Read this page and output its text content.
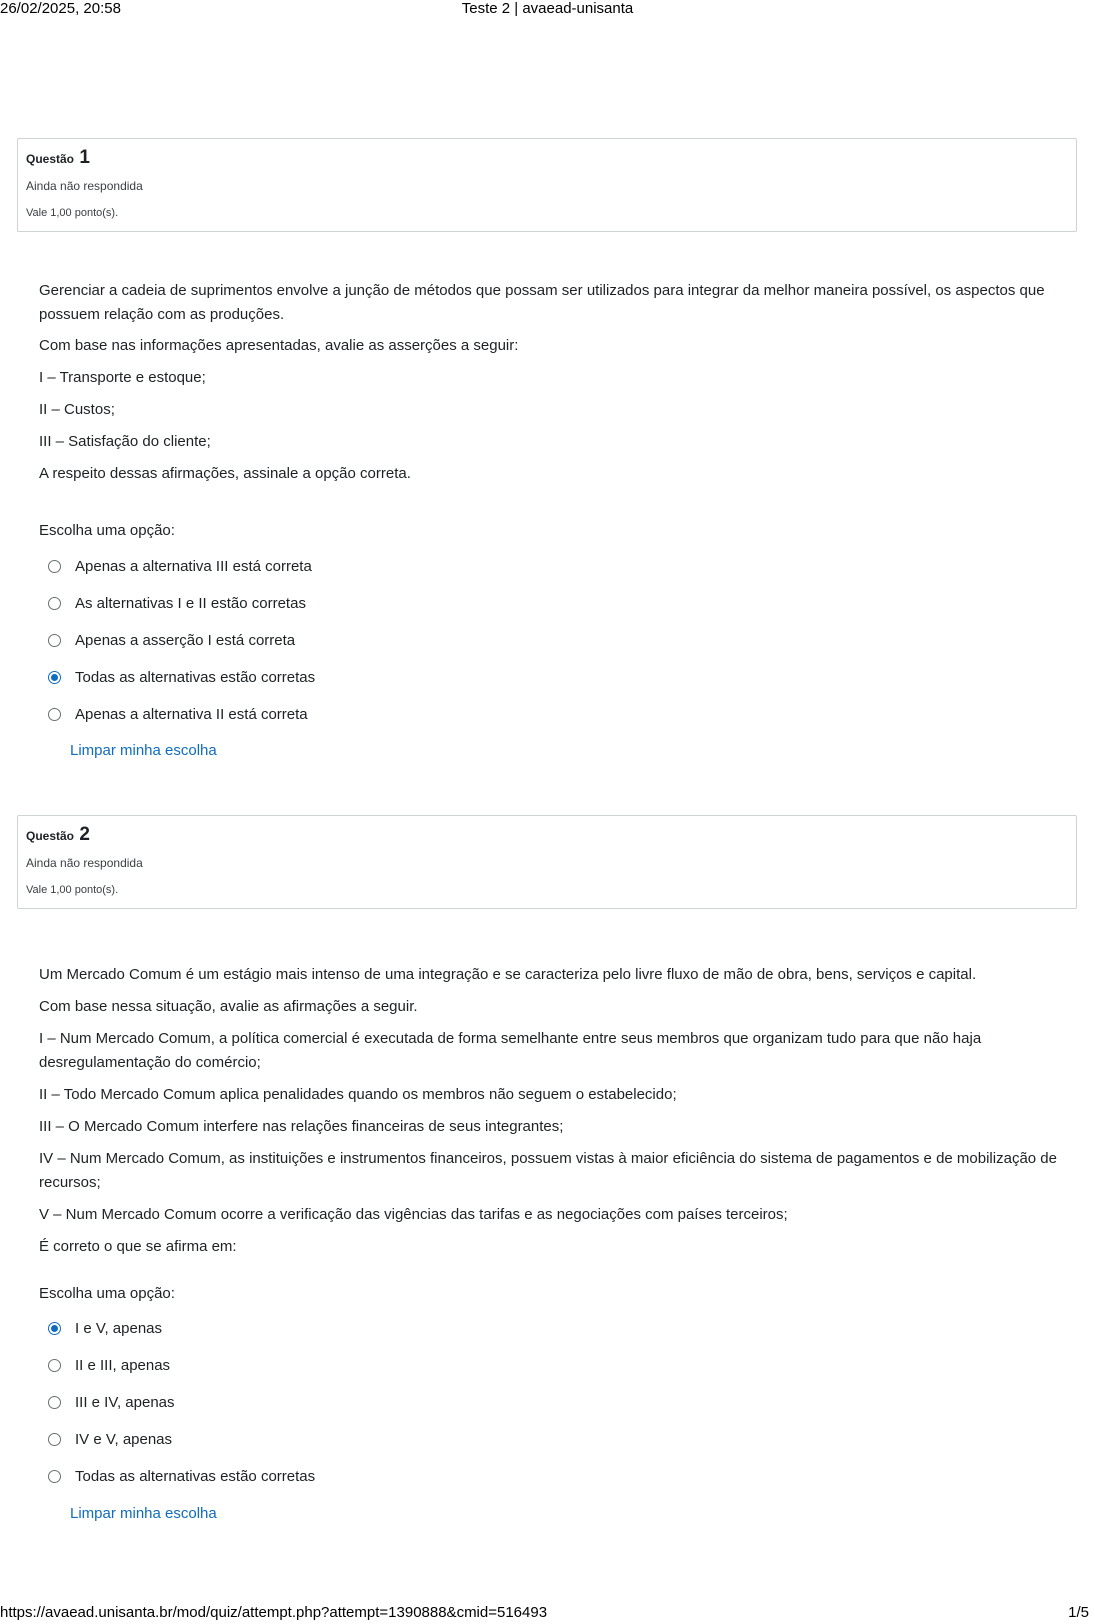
26/02/2025, 20:58	Teste 2 | avaead-unisanta
Questão 1
Ainda não respondida
Vale 1,00 ponto(s).

Gerenciar a cadeia de suprimentos envolve a junção de métodos que possam ser utilizados para integrar da melhor maneira possível, os aspectos que possuem relação com as produções.

Com base nas informações apresentadas, avalie as asserções a seguir:

I – Transporte e estoque;

II – Custos;

III – Satisfação do cliente;

A respeito dessas afirmações, assinale a opção correta.

Escolha uma opção:
Apenas a alternativa III está correta
As alternativas I e II estão corretas
Apenas a asserção I está correta
Todas as alternativas estão corretas
Apenas a alternativa II está correta
Limpar minha escolha
Questão 2
Ainda não respondida
Vale 1,00 ponto(s).

Um Mercado Comum é um estágio mais intenso de uma integração e se caracteriza pelo livre fluxo de mão de obra, bens, serviços e capital.

Com base nessa situação, avalie as afirmações a seguir.

I – Num Mercado Comum, a política comercial é executada de forma semelhante entre seus membros que organizam tudo para que não haja desregulamentação do comércio;

II – Todo Mercado Comum aplica penalidades quando os membros não seguem o estabelecido;

III – O Mercado Comum interfere nas relações financeiras de seus integrantes;

IV – Num Mercado Comum, as instituições e instrumentos financeiros, possuem vistas à maior eficiência do sistema de pagamentos e de mobilização de recursos;

V – Num Mercado Comum ocorre a verificação das vigências das tarifas e as negociações com países terceiros;

É correto o que se afirma em:

Escolha uma opção:
I e V, apenas
II e III, apenas
III e IV, apenas
IV e V, apenas
Todas as alternativas estão corretas
Limpar minha escolha
https://avaead.unisanta.br/mod/quiz/attempt.php?attempt=1390888&cmid=516493	1/5
